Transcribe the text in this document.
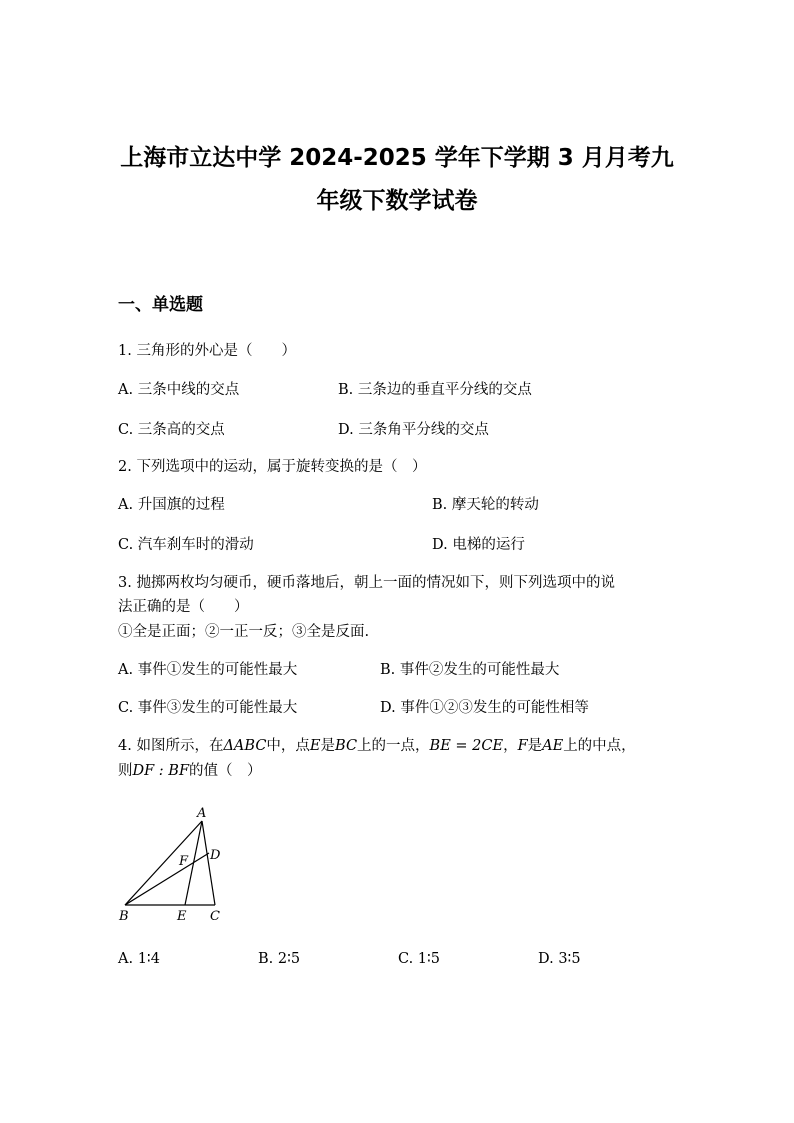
上海市立达中学 2024-2025 学年下学期 3 月月考九
年级下数学试卷
一、单选题

1. 三角形的外心是（　　）

A. 三条中线的交点	B. 三条边的垂直平分线的交点

C. 三条高的交点	D. 三条角平分线的交点

2. 下列选项中的运动，属于旋转变换的是（　）

A. 升国旗的过程	B. 摩天轮的转动

C. 汽车刹车时的滑动	D. 电梯的运行

3. 抛掷两枚均匀硬币，硬币落地后，朝上一面的情况如下，则下列选项中的说

法正确的是（　　）

①全是正面；②一正一反；③全是反面.

A. 事件①发生的可能性最大	B. 事件②发生的可能性最大

C. 事件③发生的可能性最大	D. 事件①②③发生的可能性相等

4. 如图所示，在ΔABC中，点E是BC上的一点，BE = 2CE，F是AE上的中点，

则DF : BF的值（　）

A
B	C
D
E
F

A. 1∶4	B. 2∶5	C. 1∶5	D. 3∶5
